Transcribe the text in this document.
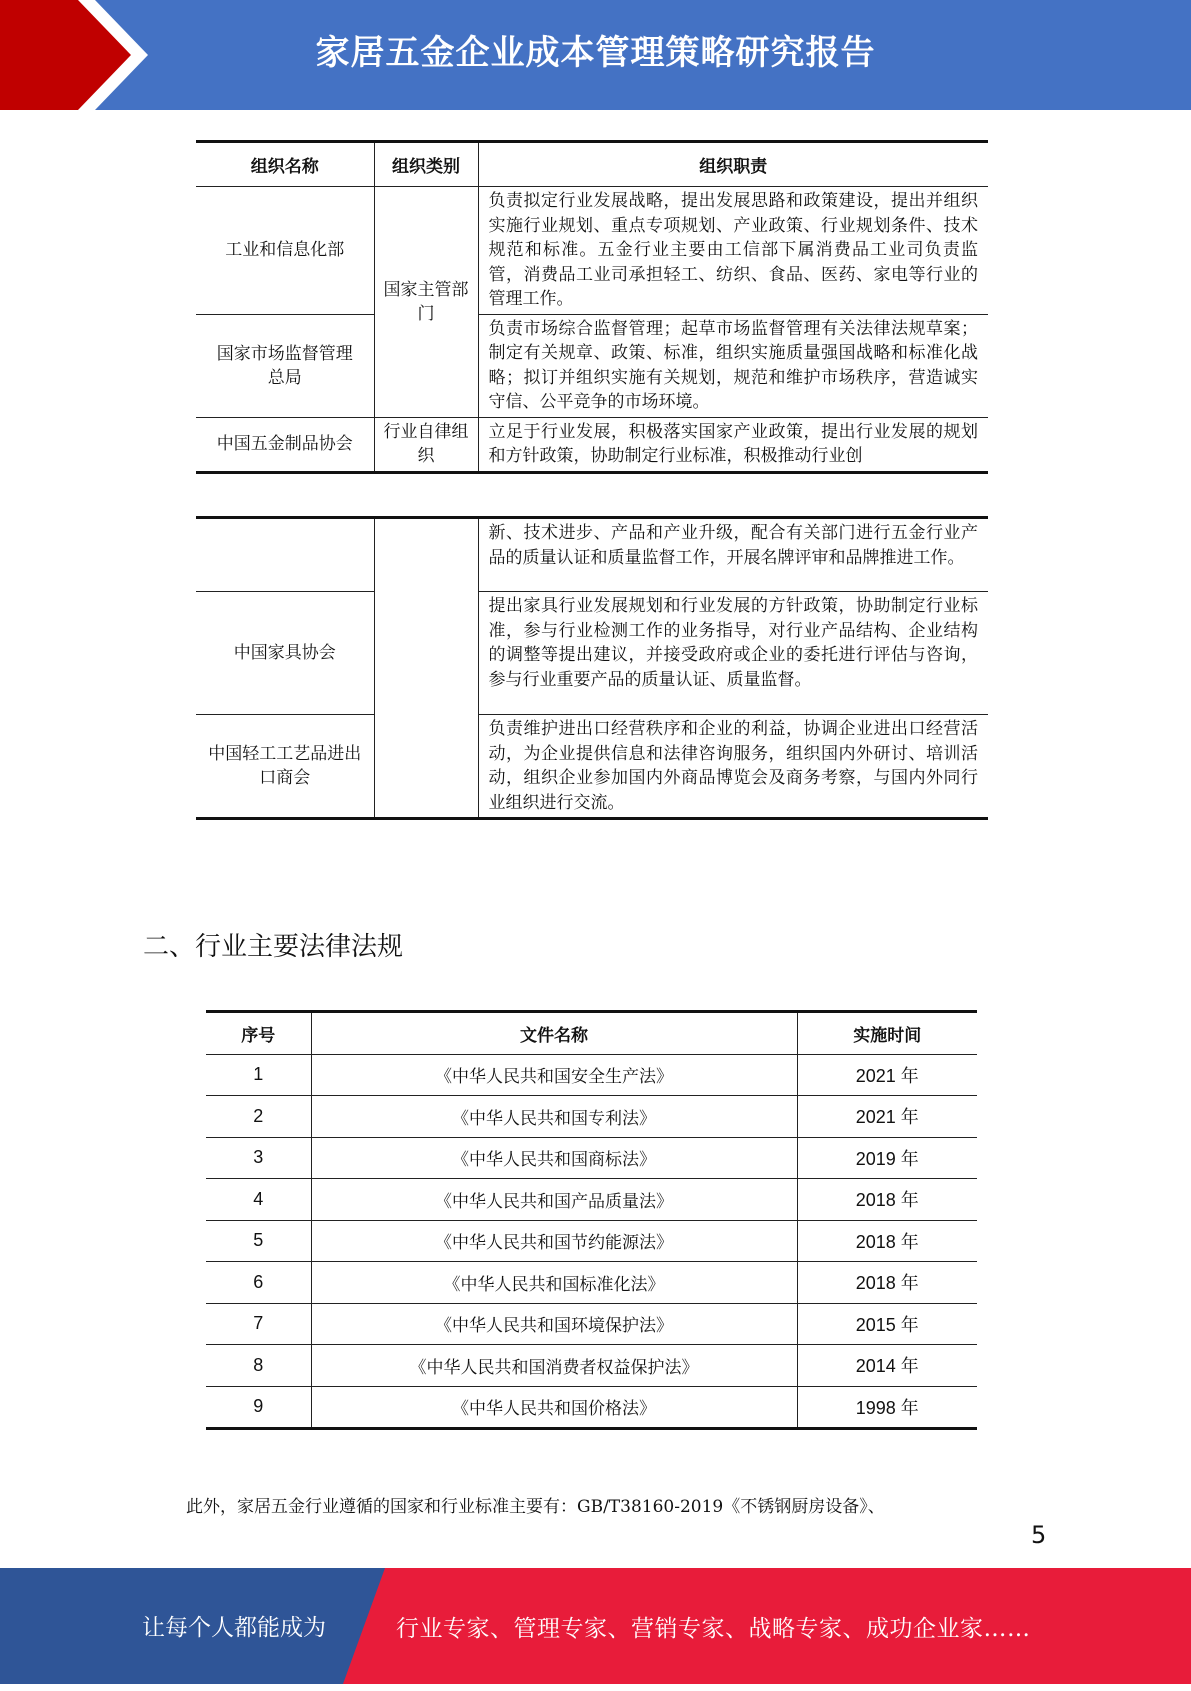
家居五金企业成本管理策略研究报告
组织名称	组织类别	组织职责
工业和信息化部	国家主管部门	负责拟定行业发展战略，提出发展思路和政策建设，提出并组织实施行业规划、重点专项规划、产业政策、行业规划条件、技术规范和标准。五金行业主要由工信部下属消费品工业司负责监管，消费品工业司承担轻工、纺织、食品、医药、家电等行业的管理工作。
国家市场监督管理总局		负责市场综合监督管理；起草市场监督管理有关法律法规草案；制定有关规章、政策、标准，组织实施质量强国战略和标准化战略；拟订并组织实施有关规划，规范和维护市场秩序，营造诚实守信、公平竞争的市场环境。
中国五金制品协会	行业自律组织	立足于行业发展，积极落实国家产业政策，提出行业发展的规划和方针政策，协助制定行业标准，积极推动行业创
		新、技术进步、产品和产业升级，配合有关部门进行五金行业产品的质量认证和质量监督工作，开展名牌评审和品牌推进工作。
中国家具协会		提出家具行业发展规划和行业发展的方针政策，协助制定行业标准，参与行业检测工作的业务指导，对行业产品结构、企业结构的调整等提出建议，并接受政府或企业的委托进行评估与咨询，参与行业重要产品的质量认证、质量监督。
中国轻工工艺品进出口商会		负责维护进出口经营秩序和企业的利益，协调企业进出口经营活动，为企业提供信息和法律咨询服务，组织国内外研讨、培训活动，组织企业参加国内外商品博览会及商务考察，与国内外同行业组织进行交流。
二、行业主要法律法规
序号	文件名称	实施时间
1	《中华人民共和国安全生产法》	2021 年
2	《中华人民共和国专利法》	2021 年
3	《中华人民共和国商标法》	2019 年
4	《中华人民共和国产品质量法》	2018 年
5	《中华人民共和国节约能源法》	2018 年
6	《中华人民共和国标准化法》	2018 年
7	《中华人民共和国环境保护法》	2015 年
8	《中华人民共和国消费者权益保护法》	2014 年
9	《中华人民共和国价格法》	1998 年
此外，家居五金行业遵循的国家和行业标准主要有：GB/T38160-2019《不锈钢厨房设备》、
5
让每个人都能成为	行业专家、管理专家、营销专家、战略专家、成功企业家……
